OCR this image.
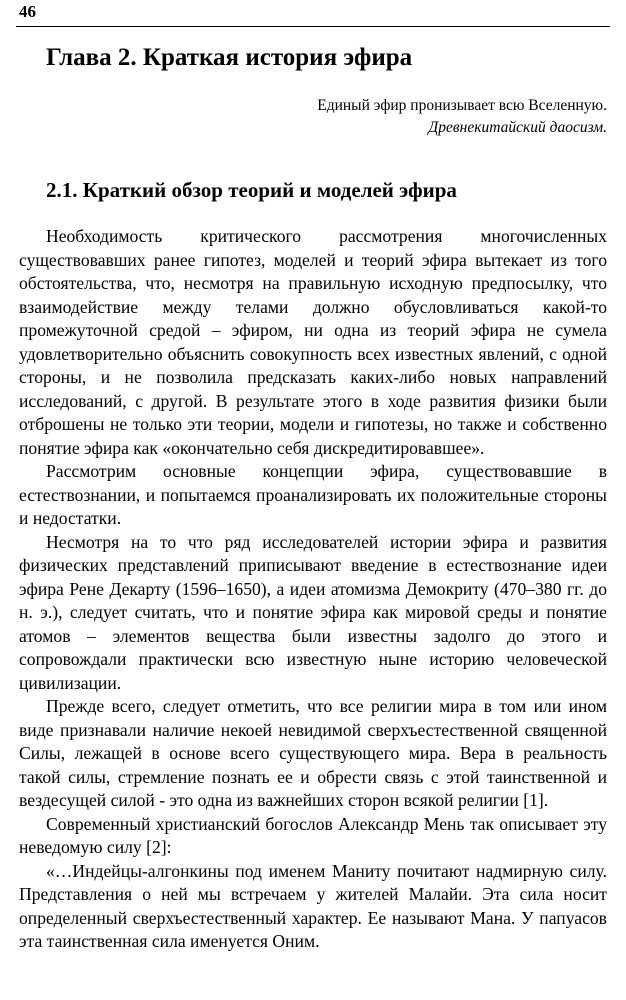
46
Глава 2. Краткая история эфира
Единый эфир пронизывает всю Вселенную.
Древнекитайский даосизм.
2.1. Краткий обзор теорий и моделей эфира

Необходимость критического рассмотрения многочисленных существовавших ранее гипотез, моделей и теорий эфира вытекает из того обстоятельства, что, несмотря на правильную исходную предпосылку, что взаимодействие между телами должно обусловливаться какой-то промежуточной средой – эфиром, ни одна из теорий эфира не сумела удовлетворительно объяснить совокупность всех известных явлений, с одной стороны, и не позволила предсказать каких-либо новых направлений исследований, с другой. В результате этого в ходе развития физики были отброшены не только эти теории, модели и гипотезы, но также и собственно понятие эфира как «окончательно себя дискредитировавшее».

Рассмотрим основные концепции эфира, существовавшие в естествознании, и попытаемся проанализировать их положительные стороны и недостатки.

Несмотря на то что ряд исследователей истории эфира и развития физических представлений приписывают введение в естествознание идеи эфира Рене Декарту (1596–1650), а идеи атомизма Демокриту (470–380 гг. до н. э.), следует считать, что и понятие эфира как мировой среды и понятие атомов – элементов вещества были известны задолго до этого и сопровождали практически всю известную ныне историю человеческой цивилизации.

Прежде всего, следует отметить, что все религии мира в том или ином виде признавали наличие некоей невидимой сверхъестественной священной Силы, лежащей в основе всего существующего мира. Вера в реальность такой силы, стремление познать ее и обрести связь с этой таинственной и вездесущей силой - это одна из важнейших сторон всякой религии [1].

Современный христианский богослов Александр Мень так описывает эту неведомую силу [2]:

«…Индейцы-алгонкины под именем Маниту почитают надмирную силу. Представления о ней мы встречаем у жителей Малайи. Эта сила носит определенный сверхъестественный характер. Ее называют Мана. У папуасов эта таинственная сила именуется Оним.
